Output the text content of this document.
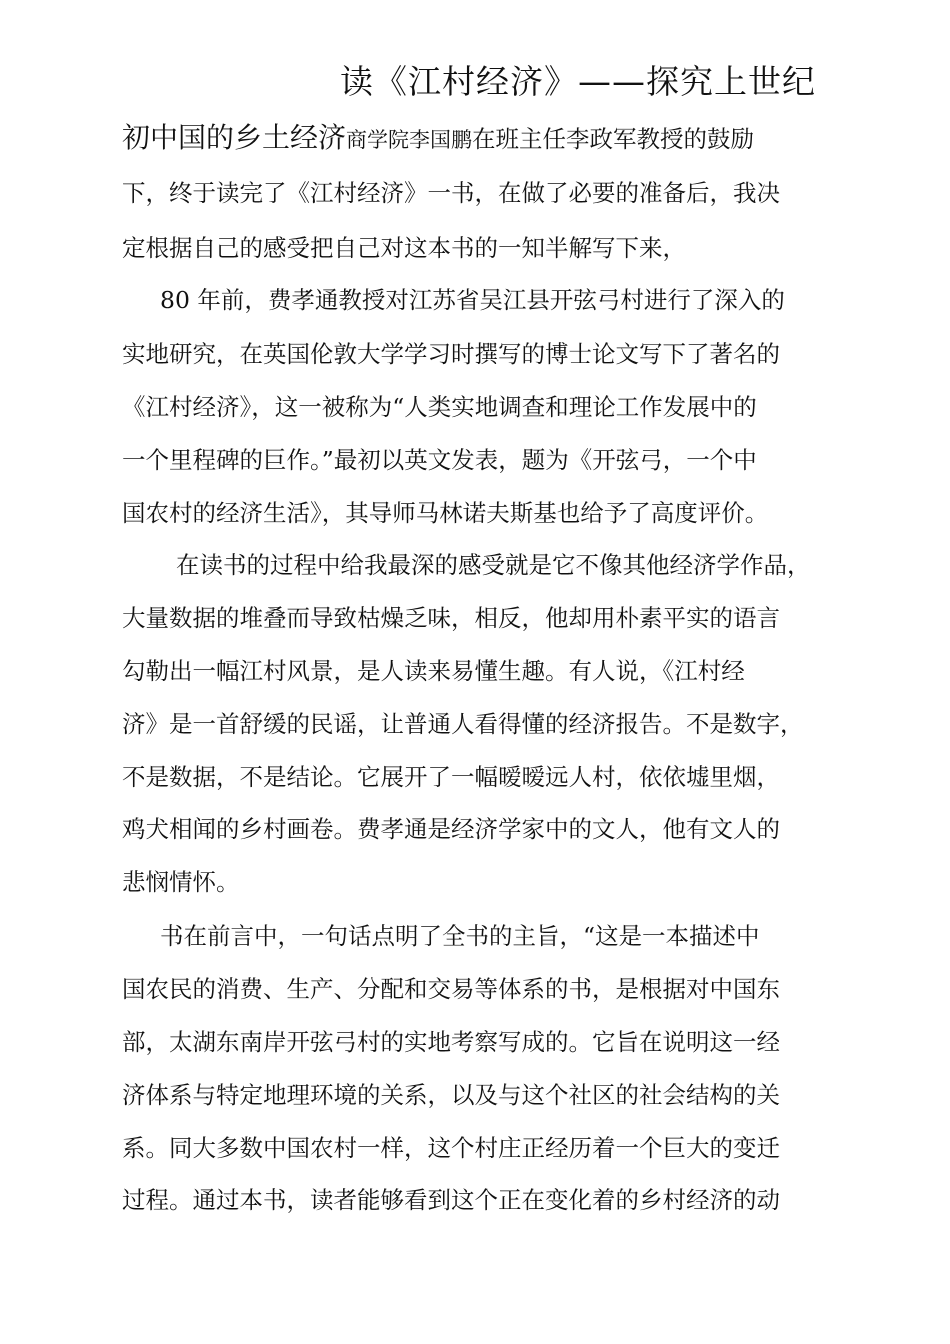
读《江村经济》——探究上世纪
初中国的乡土经济商学院李国鹏在班主任李政军教授的鼓励
下，终于读完了《江村经济》一书，在做了必要的准备后，我决
定根据自己的感受把自己对这本书的一知半解写下来，
80 年前，费孝通教授对江苏省吴江县开弦弓村进行了深入的
实地研究，在英国伦敦大学学习时撰写的博士论文写下了著名的
《江村经济》，这一被称为“人类实地调查和理论工作发展中的
一个里程碑的巨作。”最初以英文发表，题为《开弦弓，一个中
国农村的经济生活》，其导师马林诺夫斯基也给予了高度评价。
在读书的过程中给我最深的感受就是它不像其他经济学作品，
大量数据的堆叠而导致枯燥乏味，相反，他却用朴素平实的语言
勾勒出一幅江村风景，是人读来易懂生趣。有人说，《江村经
济》是一首舒缓的民谣，让普通人看得懂的经济报告。不是数字，
不是数据，不是结论。它展开了一幅暧暧远人村，依依墟里烟，
鸡犬相闻的乡村画卷。费孝通是经济学家中的文人，他有文人的
悲悯情怀。
书在前言中，一句话点明了全书的主旨，“这是一本描述中
国农民的消费、生产、分配和交易等体系的书，是根据对中国东
部，太湖东南岸开弦弓村的实地考察写成的。它旨在说明这一经
济体系与特定地理环境的关系，以及与这个社区的社会结构的关
系。同大多数中国农村一样，这个村庄正经历着一个巨大的变迁
过程。通过本书，读者能够看到这个正在变化着的乡村经济的动
